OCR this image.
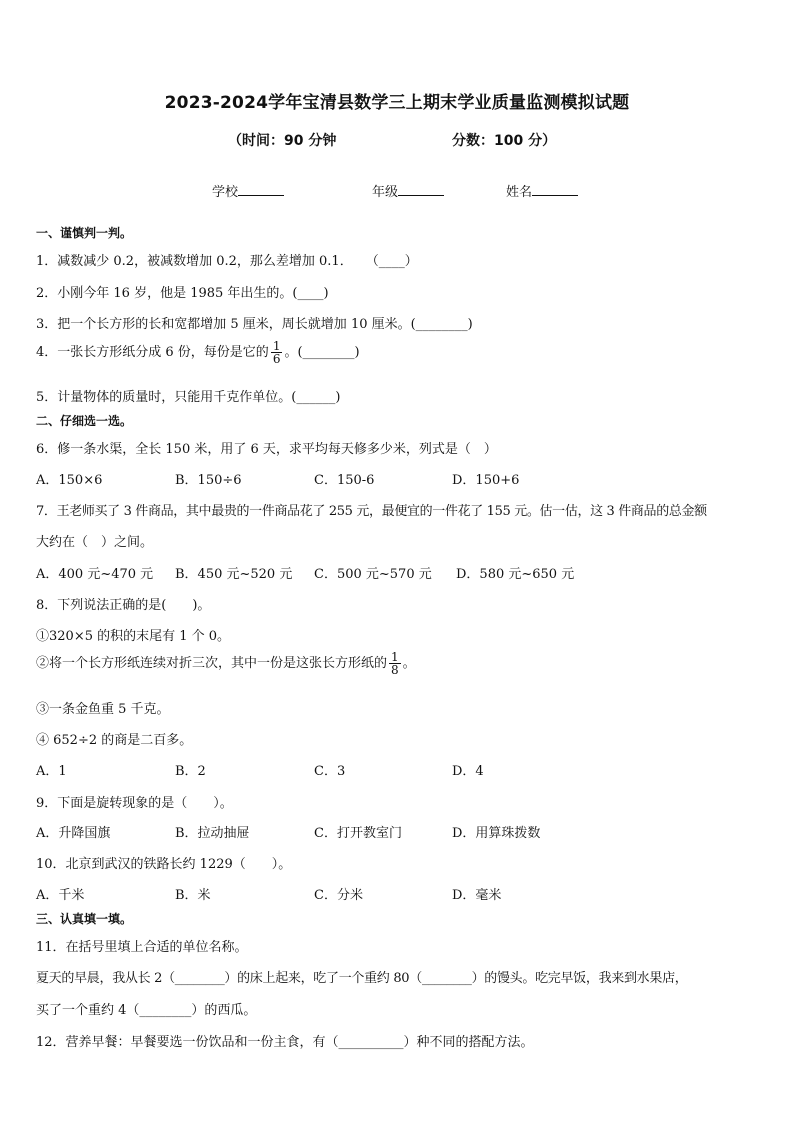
2023-2024学年宝清县数学三上期末学业质量监测模拟试题
（时间：90 分钟	分数：100 分）
学校	年级	姓名
一、谨慎判一判。
1．减数减少 0.2，被减数增加 0.2，那么差增加 0.1．　　（____）
2．小刚今年 16 岁，他是 1985 年出生的。(____)
3．把一个长方形的长和宽都增加 5 厘米，周长就增加 10 厘米。(________)
4．一张长方形纸分成 6 份，每份是它的 $\frac{1}{6}$ 。(________)
5．计量物体的质量时，只能用千克作单位。(______)
二、仔细选一选。
6．修一条水渠，全长 150 米，用了 6 天，求平均每天修多少米，列式是（　）
A．150×6	B．150÷6	C．150-6	D．150+6
7．王老师买了 3 件商品，其中最贵的一件商品花了 255 元，最便宜的一件花了 155 元。估一估，这 3 件商品的总金额
大约在（　）之间。
A．400 元~470 元 B．450 元~520 元 C．500 元~570 元 D．580 元~650 元
8．下列说法正确的是(　　)。
①320×5 的积的末尾有 1 个 0。
②将一个长方形纸连续对折三次，其中一份是这张长方形纸的 $\frac{1}{8}$ 。
③一条金鱼重 5 千克。
④ 652÷2 的商是二百多。
A．1	B．2	C．3	D．4
9．下面是旋转现象的是（　　）。
A．升降国旗	B．拉动抽屉	C．打开教室门	D．用算珠拨数
10．北京到武汉的铁路长约 1229（　　）。
A．千米	B．米	C．分米	D．毫米
三、认真填一填。
11．在括号里填上合适的单位名称。
夏天的早晨，我从长 2（________）的床上起来，吃了一个重约 80（________）的馒头。吃完早饭，我来到水果店，
买了一个重约 4（________）的西瓜。
12．营养早餐：早餐要选一份饮品和一份主食，有（__________）种不同的搭配方法。
